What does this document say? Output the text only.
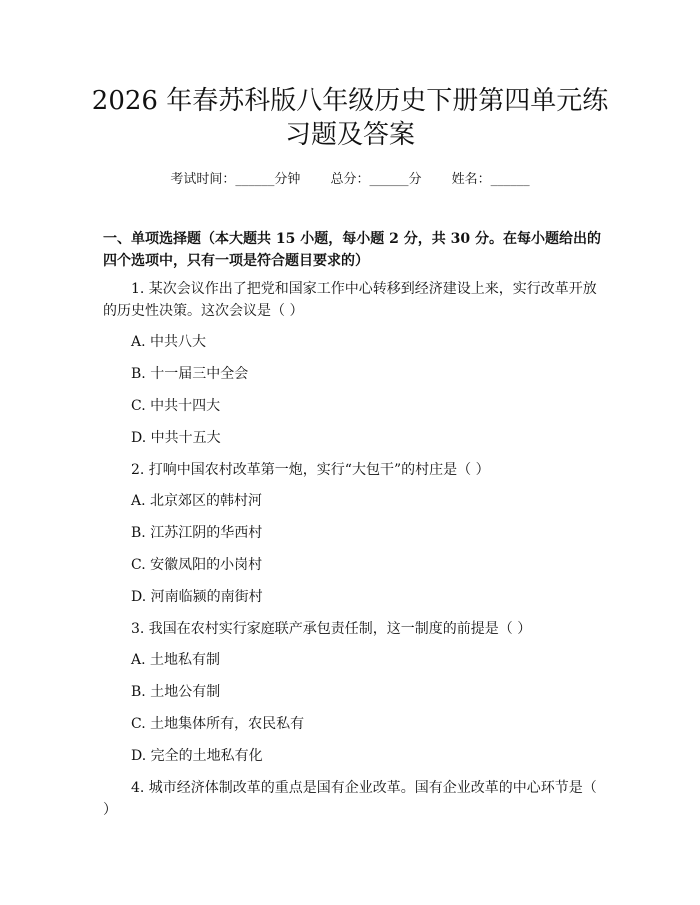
2026 年春苏科版八年级历史下册第四单元练
习题及答案
考试时间：______分钟 总分：______分 姓名：______

一、单项选择题（本大题共 15 小题，每小题 2 分，共 30 分。在每小题给出的四个选项中，只有一项是符合题目要求的）

1. 某次会议作出了把党和国家工作中心转移到经济建设上来，实行改革开放的历史性决策。这次会议是（ ）

A. 中共八大

B. 十一届三中全会

C. 中共十四大

D. 中共十五大

2. 打响中国农村改革第一炮，实行“大包干”的村庄是（ ）

A. 北京郊区的韩村河

B. 江苏江阴的华西村

C. 安徽凤阳的小岗村

D. 河南临颍的南街村

3. 我国在农村实行家庭联产承包责任制，这一制度的前提是（ ）

A. 土地私有制

B. 土地公有制

C. 土地集体所有，农民私有

D. 完全的土地私有化

4. 城市经济体制改革的重点是国有企业改革。国有企业改革的中心环节是（ ）
